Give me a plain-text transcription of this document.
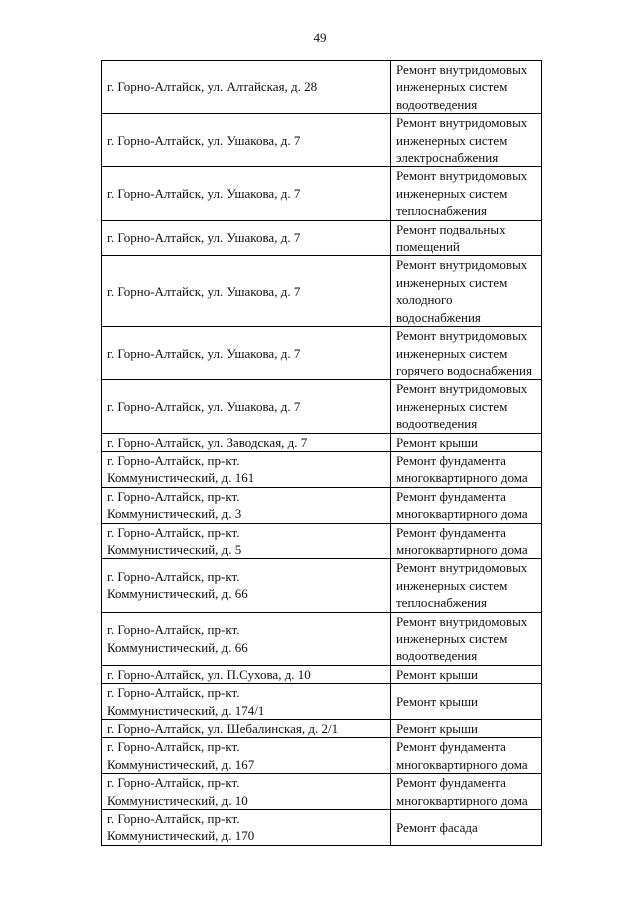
49
г. Горно-Алтайск, ул. Алтайская, д. 28	Ремонт внутридомовых
инженерных систем
водоотведения
г. Горно-Алтайск, ул. Ушакова, д. 7	Ремонт внутридомовых
инженерных систем
электроснабжения
г. Горно-Алтайск, ул. Ушакова, д. 7	Ремонт внутридомовых
инженерных систем
теплоснабжения
г. Горно-Алтайск, ул. Ушакова, д. 7	Ремонт подвальных
помещений
г. Горно-Алтайск, ул. Ушакова, д. 7	Ремонт внутридомовых
инженерных систем
холодного водоснабжения
г. Горно-Алтайск, ул. Ушакова, д. 7	Ремонт внутридомовых
инженерных систем
горячего водоснабжения
г. Горно-Алтайск, ул. Ушакова, д. 7	Ремонт внутридомовых
инженерных систем
водоотведения
г. Горно-Алтайск, ул. Заводская, д. 7	Ремонт крыши
г. Горно-Алтайск, пр-кт.
Коммунистический, д. 161	Ремонт фундамента
многоквартирного дома
г. Горно-Алтайск, пр-кт.
Коммунистический, д. 3	Ремонт фундамента
многоквартирного дома
г. Горно-Алтайск, пр-кт.
Коммунистический, д. 5	Ремонт фундамента
многоквартирного дома
г. Горно-Алтайск, пр-кт.
Коммунистический, д. 66	Ремонт внутридомовых
инженерных систем
теплоснабжения
г. Горно-Алтайск, пр-кт.
Коммунистический, д. 66	Ремонт внутридомовых
инженерных систем
водоотведения
г. Горно-Алтайск, ул. П.Сухова, д. 10	Ремонт крыши
г. Горно-Алтайск, пр-кт.
Коммунистический, д. 174/1	Ремонт крыши
г. Горно-Алтайск, ул. Шебалинская, д. 2/1	Ремонт крыши
г. Горно-Алтайск, пр-кт.
Коммунистический, д. 167	Ремонт фундамента
многоквартирного дома
г. Горно-Алтайск, пр-кт.
Коммунистический, д. 10	Ремонт фундамента
многоквартирного дома
г. Горно-Алтайск, пр-кт.
Коммунистический, д. 170	Ремонт фасада
